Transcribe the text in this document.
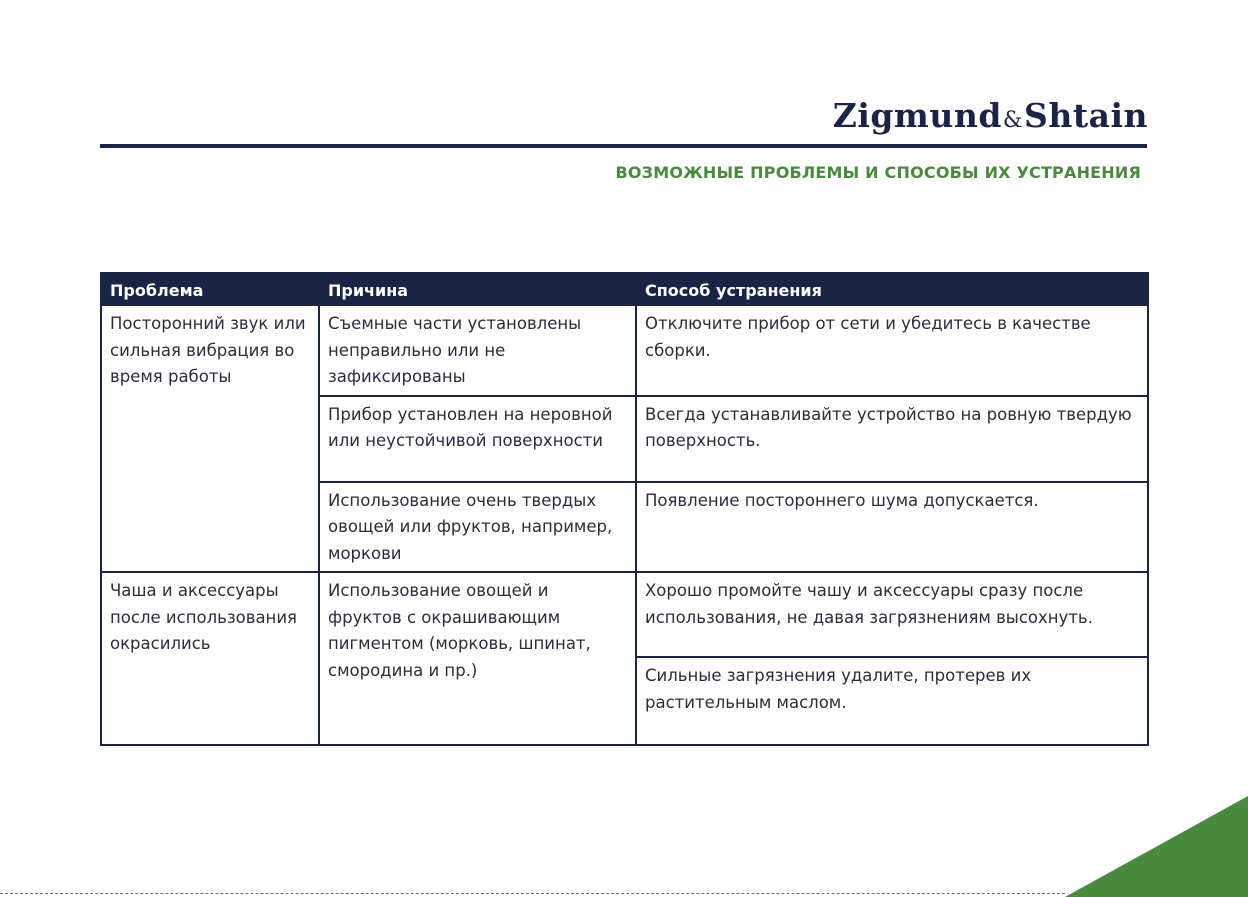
Zigmund&Shtain
ВОЗМОЖНЫЕ ПРОБЛЕМЫ И СПОСОБЫ ИХ УСТРАНЕНИЯ
Проблема	Причина	Способ устранения
Посторонний звук или сильная вибрация во время работы	Съемные части установлены неправильно или не зафиксированы	Отключите прибор от сети и убедитесь в качестве сборки.
	Прибор установлен на неровной или неустойчивой поверхности	Всегда устанавливайте устройство на ровную твердую поверхность.
	Использование очень твердых овощей или фруктов, например, моркови	Появление постороннего шума допускается.
Чаша и аксессуары после использования окрасились	Использование овощей и фруктов с окрашивающим пигментом (морковь, шпинат, смородина и пр.)	Хорошо промойте чашу и аксессуары сразу после использования, не давая загрязнениям высохнуть.
		Сильные загрязнения удалите, протерев их растительным маслом.
